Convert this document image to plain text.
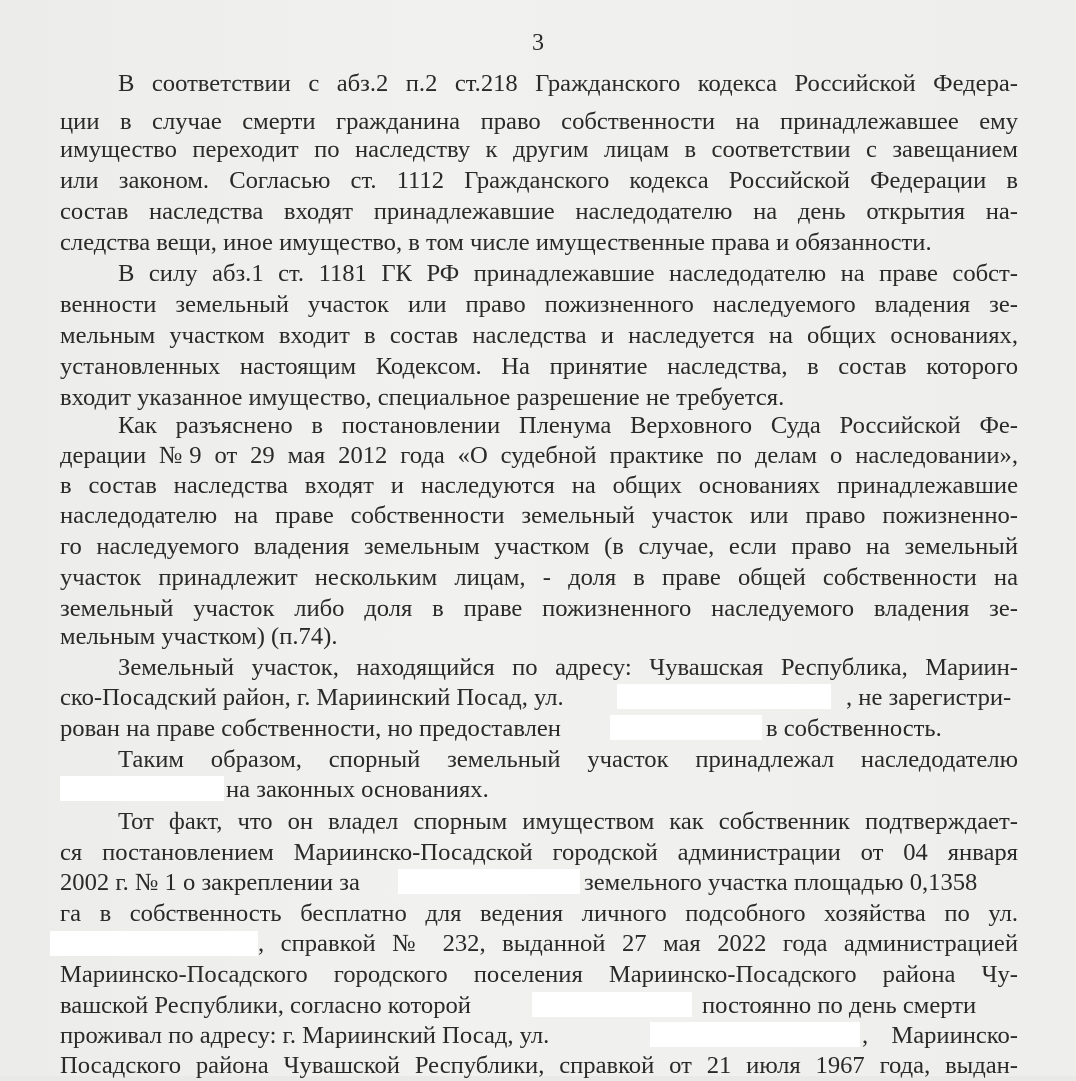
3
В соответствии с абз.2 п.2 ст.218 Гражданского кодекса Российской Федера-
ции в случае смерти гражданина право собственности на принадлежавшее ему
имущество переходит по наследству к другим лицам в соответствии с завещанием
или законом. Согласью ст. 1112 Гражданского кодекса Российской Федерации в
состав наследства входят принадлежавшие наследодателю на день открытия на-
следства вещи, иное имущество, в том числе имущественные права и обязанности.
В силу абз.1 ст. 1181 ГК РФ принадлежавшие наследодателю на праве собст-
венности земельный участок или право пожизненного наследуемого владения зе-
мельным участком входит в состав наследства и наследуется на общих основаниях,
установленных настоящим Кодексом. На принятие наследства, в состав которого
входит указанное имущество, специальное разрешение не требуется.
Как разъяснено в постановлении Пленума Верховного Суда Российской Фе-
дерации №9 от 29 мая 2012 года «О судебной практике по делам о наследовании»,
в состав наследства входят и наследуются на общих основаниях принадлежавшие
наследодателю на праве собственности земельный участок или право пожизненно-
го наследуемого владения земельным участком (в случае, если право на земельный
участок принадлежит нескольким лицам, - доля в праве общей собственности на
земельный участок либо доля в праве пожизненного наследуемого владения зе-
мельным участком) (п.74).
Земельный участок, находящийся по адресу: Чувашская Республика, Мариин-
ско-Посадский район, г. Мариинский Посад, ул.	, не зарегистри-
рован на праве собственности, но предоставлен	в собственность.
Таким образом, спорный земельный участок принадлежал наследодателю
на законных основаниях.
Тот факт, что он владел спорным имуществом как собственник подтверждает-
ся постановлением Мариинско-Посадской городской администрации от 04 января
2002 г. № 1 о закреплении за	земельного участка площадью 0,1358
га в собственность бесплатно для ведения личного подсобного хозяйства по ул.
, справкой № 232, выданной 27 мая 2022 года администрацией
Мариинско-Посадского городского поселения Мариинско-Посадского района Чу-
вашской Республики, согласно которой	постоянно по день смерти
проживал по адресу: г. Мариинский Посад, ул.	, Мариинско-
Посадского района Чувашской Республики, справкой от 21 июля 1967 года, выдан-
